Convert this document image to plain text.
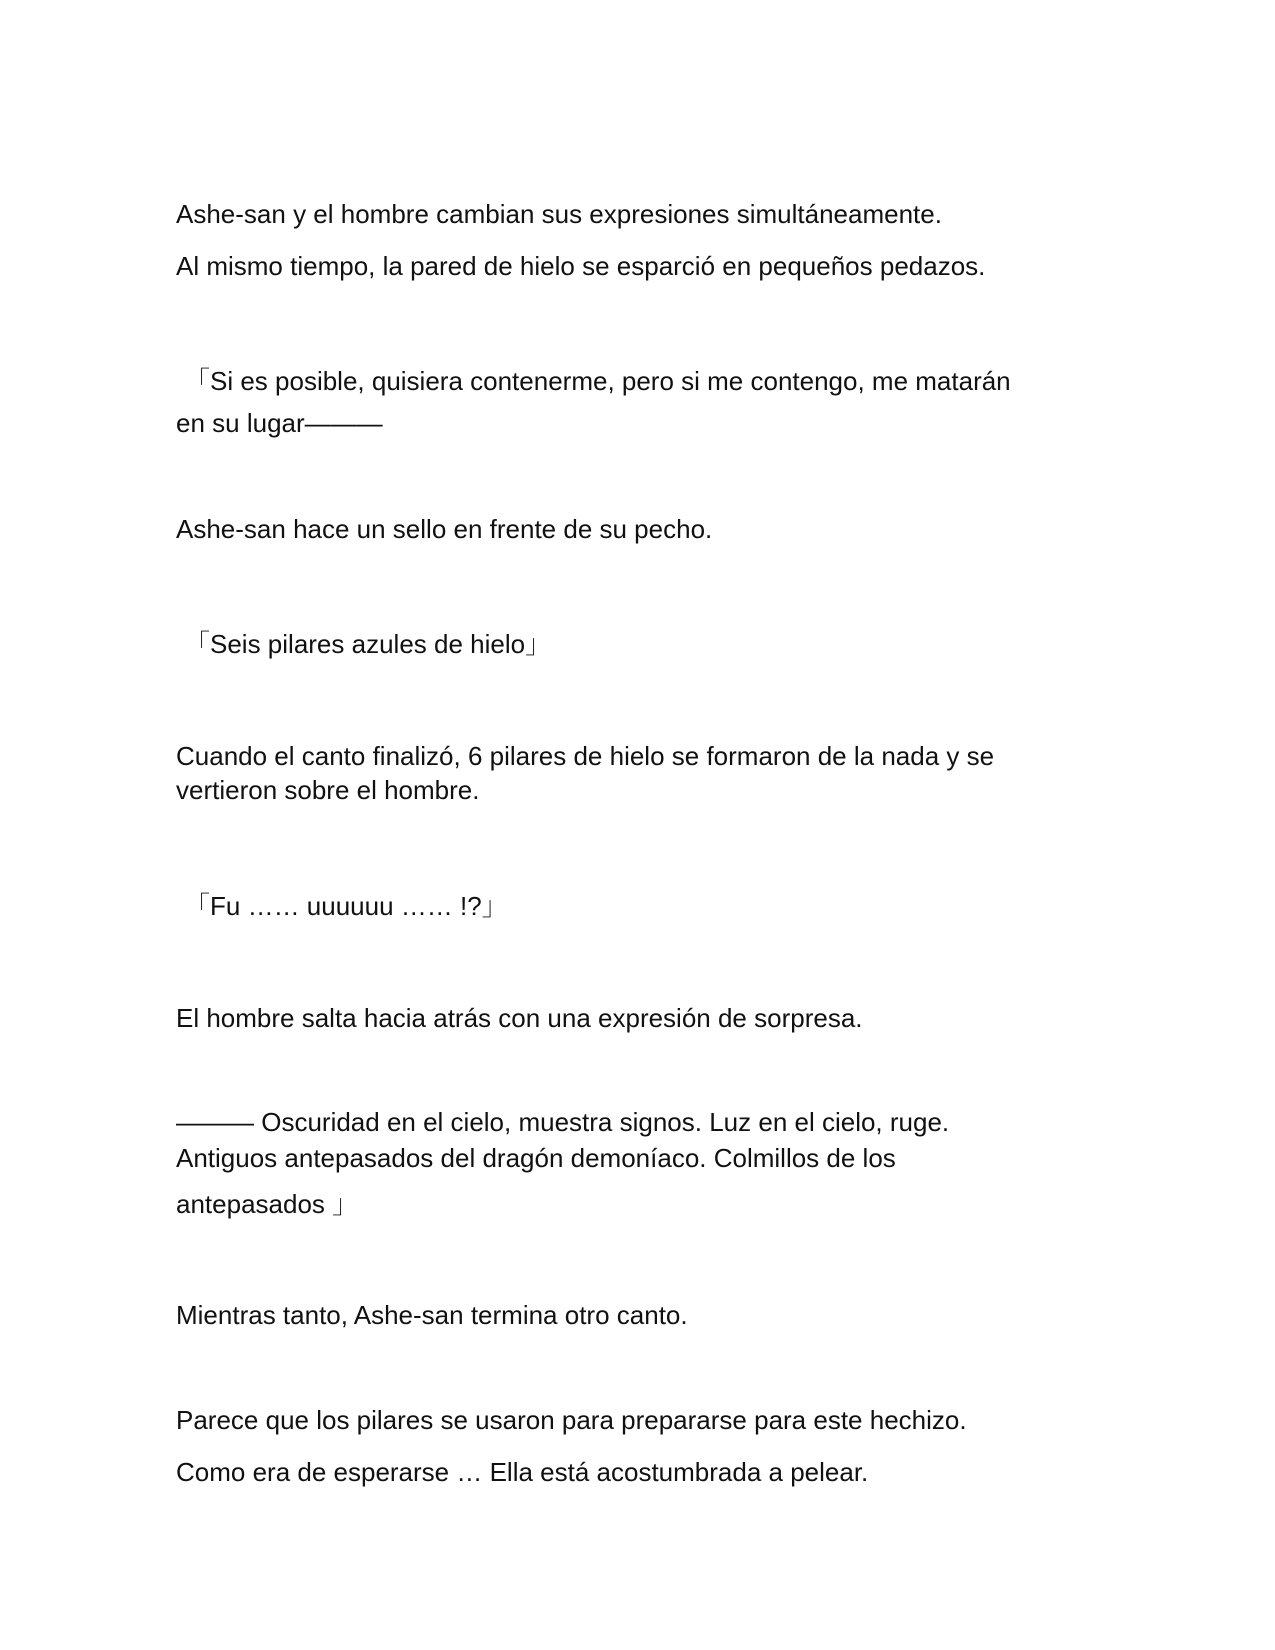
Ashe-san y el hombre cambian sus expresiones simultáneamente.

Al mismo tiempo, la pared de hielo se esparció en pequeños pedazos.

「Si es posible, quisiera contenerme, pero si me contengo, me matarán

en su lugar———

Ashe-san hace un sello en frente de su pecho.

「Seis pilares azules de hielo」

Cuando el canto finalizó, 6 pilares de hielo se formaron de la nada y se

vertieron sobre el hombre.

「Fu …… uuuuuu …… !?」

El hombre salta hacia atrás con una expresión de sorpresa.

——— Oscuridad en el cielo, muestra signos. Luz en el cielo, ruge.

Antiguos antepasados del dragón demoníaco. Colmillos de los

antepasados 」

Mientras tanto, Ashe-san termina otro canto.

Parece que los pilares se usaron para prepararse para este hechizo.

Como era de esperarse … Ella está acostumbrada a pelear.
